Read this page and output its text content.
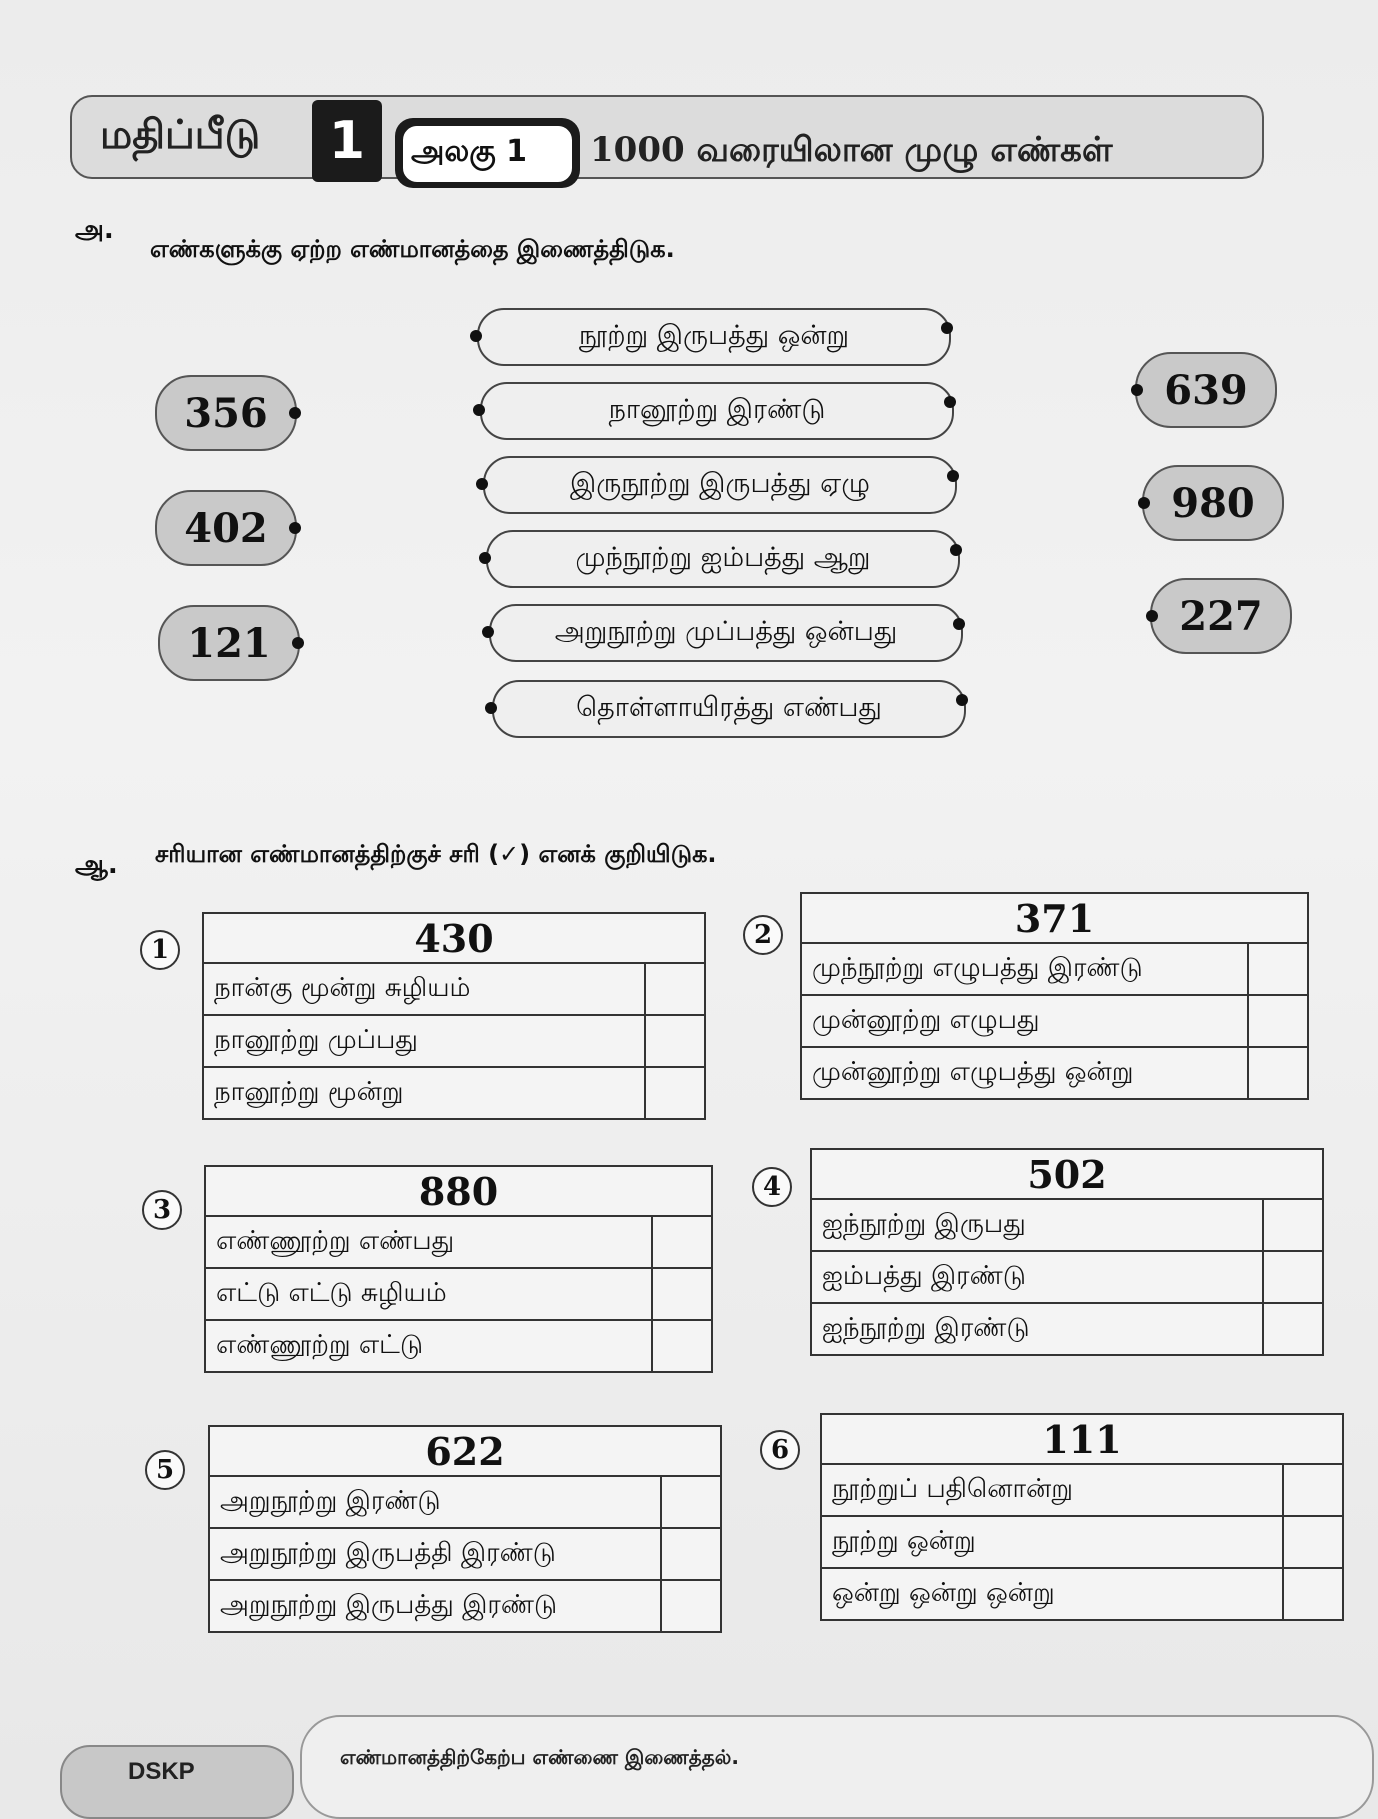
மதிப்பீடு	1	அலகு 1 1000 வரையிலான முழு எண்கள்
அ.
எண்களுக்கு ஏற்ற எண்மானத்தை இணைத்திடுக.
356
402
121
639
980
227
நூற்று இருபத்து ஒன்று
நானூற்று இரண்டு
இருநூற்று இருபத்து ஏழு
முந்நூற்று ஐம்பத்து ஆறு
அறுநூற்று முப்பத்து ஒன்பது
தொள்ளாயிரத்து எண்பது
ஆ. சரியான எண்மானத்திற்குச் சரி (✓) எனக் குறியிடுக.
1	430
நான்கு மூன்று சுழியம்
நானூற்று முப்பது
நானூற்று மூன்று
2	371
முந்நூற்று எழுபத்து இரண்டு
முன்னூற்று எழுபது
முன்னூற்று எழுபத்து ஒன்று
3	880
எண்ணூற்று எண்பது
எட்டு எட்டு சுழியம்
எண்ணூற்று எட்டு
4	502
ஐந்நூற்று இருபது
ஐம்பத்து இரண்டு
ஐந்நூற்று இரண்டு
5	622
அறுநூற்று இரண்டு
அறுநூற்று இருபத்தி இரண்டு
அறுநூற்று இருபத்து இரண்டு
6	111
நூற்றுப் பதினொன்று
நூற்று ஒன்று
ஒன்று ஒன்று ஒன்று
DSKP
எண்மானத்திற்கேற்ப எண்ணை இணைத்தல்.
